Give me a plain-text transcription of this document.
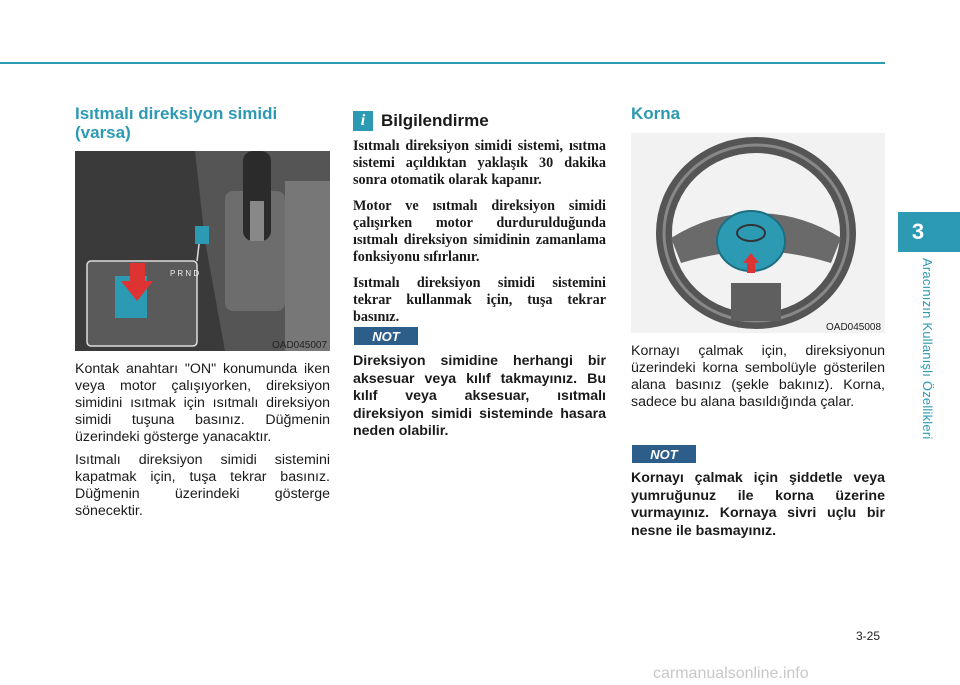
3
Aracınızın Kullanışlı Özellikleri
Isıtmalı direksiyon simidi (varsa)
P R N D
OAD045007

Kontak anahtarı "ON" konumunda iken veya motor çalışıyorken, direksiyon simidini ısıtmak için ısıtmalı direksiyon simidi tuşuna basınız. Düğmenin üzerindeki gösterge yanacaktır.

Isıtmalı direksiyon simidi sistemini kapatmak için, tuşa tekrar basınız. Düğmenin üzerindeki gösterge sönecektir.

i Bilgilendirme

Isıtmalı direksiyon simidi sistemi, ısıtma sistemi açıldıktan yaklaşık 30 dakika sonra otomatik olarak kapanır.

Motor ve ısıtmalı direksiyon simidi çalışırken motor durdurulduğunda ısıtmalı direksiyon simidinin zamanlama fonksiyonu sıfırlanır.

Isıtmalı direksiyon simidi sistemini tekrar kullanmak için, tuşa tekrar basınız.

NOT

Direksiyon simidine herhangi bir aksesuar veya kılıf takmayınız. Bu kılıf veya aksesuar, ısıtmalı direksiyon simidi sisteminde hasara neden olabilir.

Korna
OAD045008

Kornayı çalmak için, direksiyonun üzerindeki korna sembolüyle gösterilen alana basınız (şekle bakınız). Korna, sadece bu alana basıldığında çalar.

NOT

Kornayı çalmak için şiddetle veya yumruğunuz ile korna üzerine vurmayınız. Kornaya sivri uçlu bir nesne ile basmayınız.

3-25
carmanualsonline.info
